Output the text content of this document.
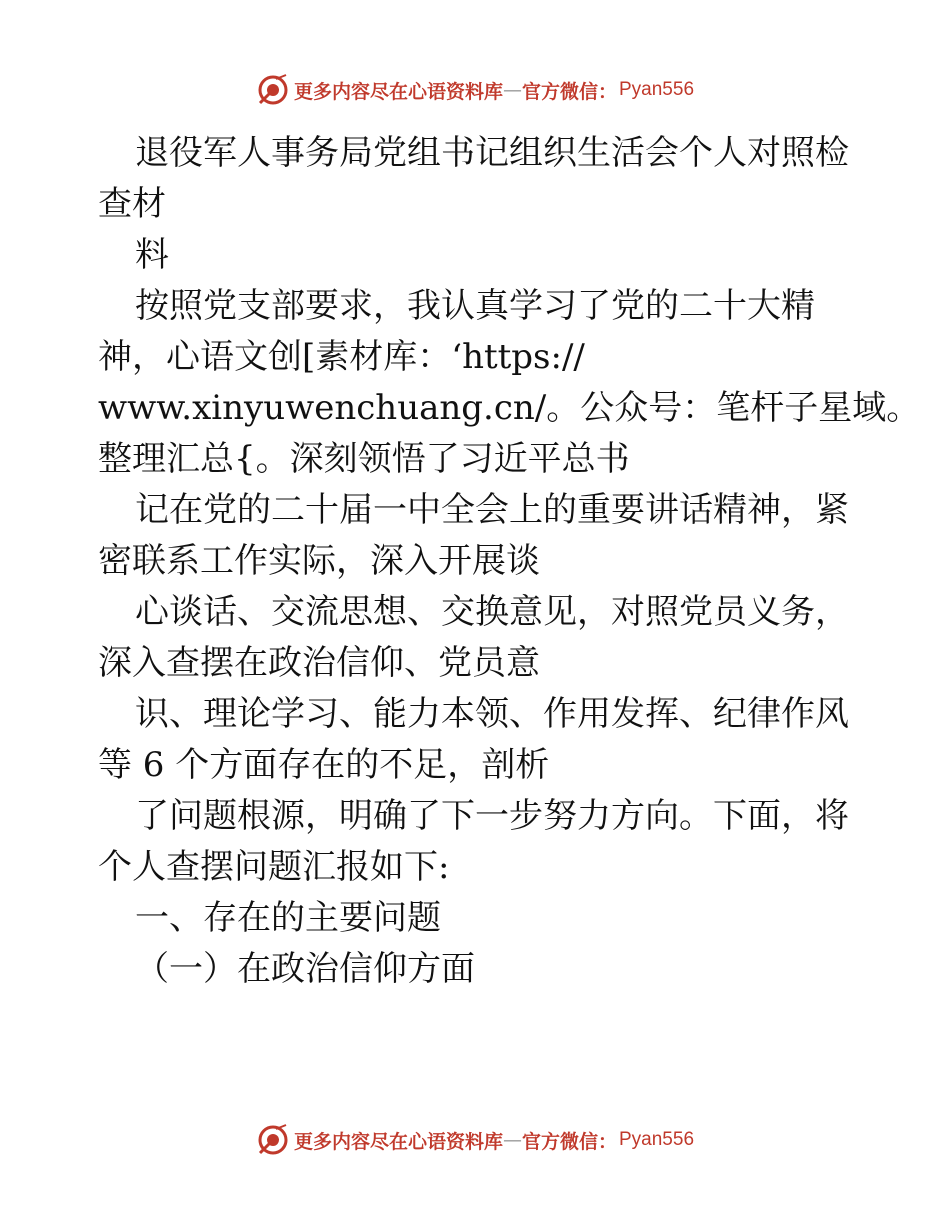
更多内容尽在心语资料库 — 官方微信： Pyan556
退役军人事务局党组书记组织生活会个人对照检
查材
料
按照党支部要求，我认真学习了党的二十大精
神，心语文创[素材库：‘https://
www.xinyuwenchuang.cn/。公众号：笔杆子星域。
整理汇总{。深刻领悟了习近平总书
记在党的二十届一中全会上的重要讲话精神，紧
密联系工作实际，深入开展谈
心谈话、交流思想、交换意见，对照党员义务，
深入查摆在政治信仰、党员意
识、理论学习、能力本领、作用发挥、纪律作风
等 6 个方面存在的不足，剖析
了问题根源，明确了下一步努力方向。下面，将
个人查摆问题汇报如下:
一、存在的主要问题
（一）在政治信仰方面
更多内容尽在心语资料库 — 官方微信： Pyan556
